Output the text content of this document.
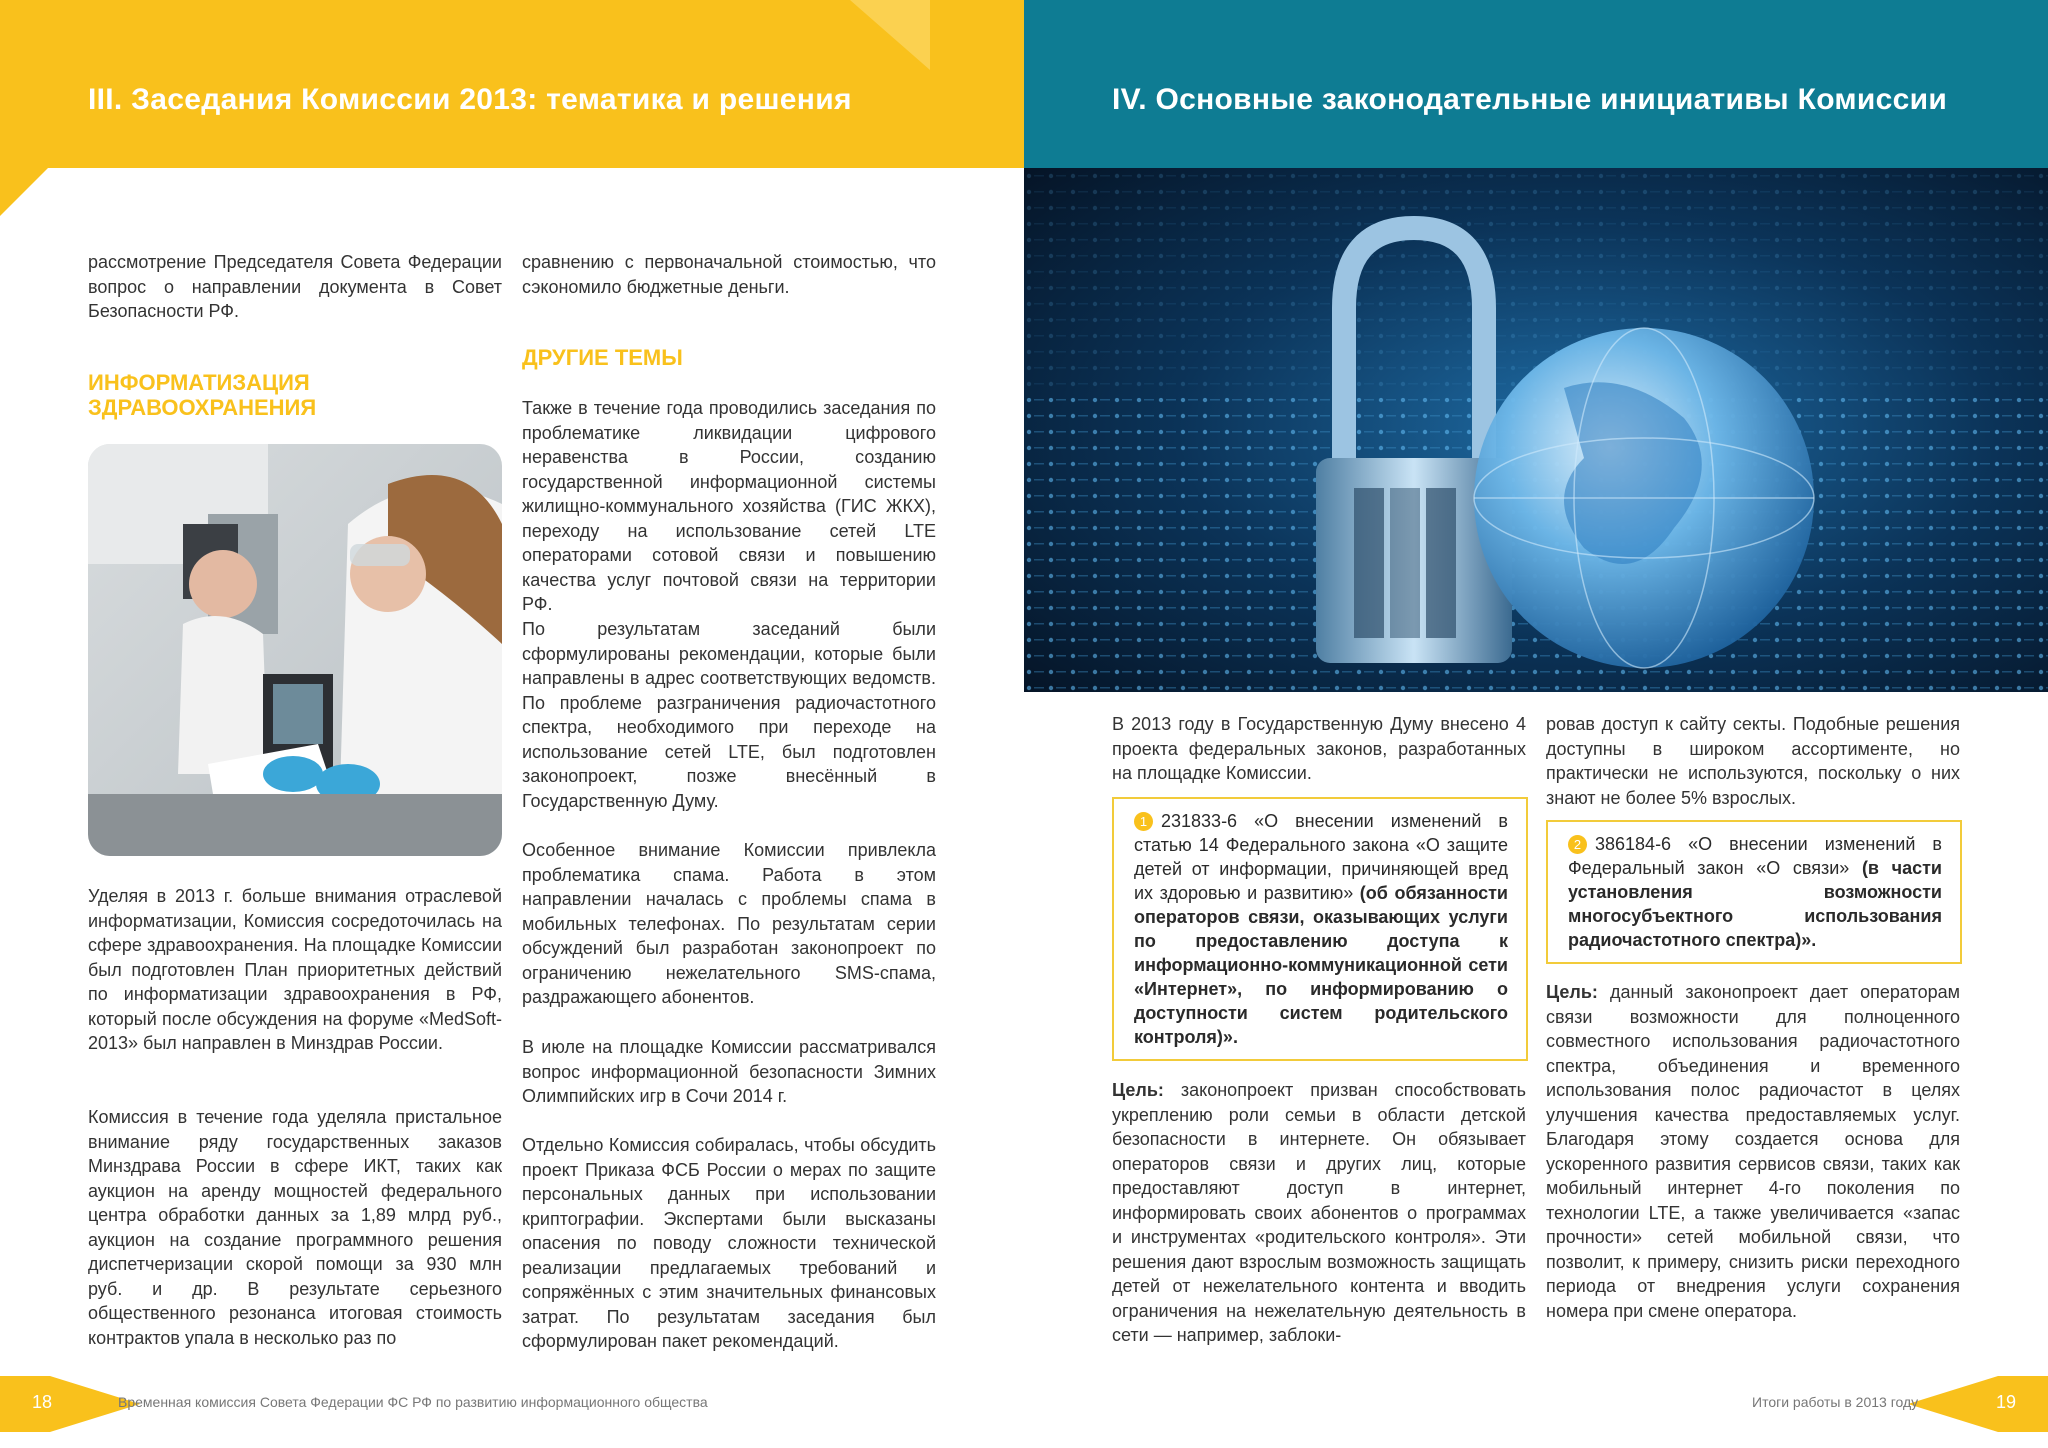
III. Заседания Комиссии 2013: тематика и решения	IV. Основные законодательные инициативы Комиссии
рассмотрение Председателя Совета Федерации вопрос о направлении документа в Совет Безопасности РФ.
ИНФОРМАТИЗАЦИЯ ЗДРАВООХРАНЕНИЯ
Уделяя в 2013 г. больше внимания отраслевой информатизации, Комиссия сосредоточилась на сфере здравоохранения. На площадке Комиссии был подготовлен План приоритетных действий по информатизации здравоохранения в РФ, который после обсуждения на форуме «MedSoft-2013» был направлен в Минздрав России.
Комиссия в течение года уделяла пристальное внимание ряду государственных заказов Минздрава России в сфере ИКТ, таких как аукцион на аренду мощностей федерального центра обработки данных за 1,89 млрд руб., аукцион на создание программного решения диспетчеризации скорой помощи за 930 млн руб. и др. В результате серьезного общественного резонанса итоговая стоимость контрактов упала в несколько раз по
сравнению с первоначальной стоимостью, что сэкономило бюджетные деньги.
ДРУГИЕ ТЕМЫ
Также в течение года проводились заседания по проблематике ликвидации цифрового неравенства в России, созданию государственной информационной системы жилищно-коммунального хозяйства (ГИС ЖКХ), переходу на использование сетей LTE операторами сотовой связи и повышению качества услуг почтовой связи на территории РФ.
По результатам заседаний были сформулированы рекомендации, которые были направлены в адрес соответствующих ведомств. По проблеме разграничения радиочастотного спектра, необходимого при переходе на использование сетей LTE, был подготовлен законопроект, позже внесённый в Государственную Думу.
Особенное внимание Комиссии привлекла проблематика спама. Работа в этом направлении началась с проблемы спама в мобильных телефонах. По результатам серии обсуждений был разработан законопроект по ограничению нежелательного SMS-спама, раздражающего абонентов.
В июле на площадке Комиссии рассматривался вопрос информационной безопасности Зимних Олимпийских игр в Сочи 2014 г.
Отдельно Комиссия собиралась, чтобы обсудить проект Приказа ФСБ России о мерах по защите персональных данных при использовании криптографии. Экспертами были высказаны опасения по поводу сложности технической реализации предлагаемых требований и сопряжённых с этим значительных финансовых затрат. По результатам заседания был сформулирован пакет рекомендаций.
В 2013 году в Государственную Думу внесено 4 проекта федеральных законов, разработанных на площадке Комиссии.
1 231833-6 «О внесении изменений в статью 14 Федерального закона «О защите детей от информации, причиняющей вред их здоровью и развитию» (об обязанности операторов связи, оказывающих услуги по предоставлению доступа к информационно-коммуникационной сети «Интернет», по информированию о доступности систем родительского контроля)».
Цель: законопроект призван способствовать укреплению роли семьи в области детской безопасности в интернете. Он обязывает операторов связи и других лиц, которые предоставляют доступ в интернет, информировать своих абонентов о программах и инструментах «родительского контроля». Эти решения дают взрослым возможность защищать детей от нежелательного контента и вводить ограничения на нежелательную деятельность в сети — например, заблоки-
ровав доступ к сайту секты. Подобные решения доступны в широком ассортименте, но практически не используются, поскольку о них знают не более 5% взрослых.
2 386184-6 «О внесении изменений в Федеральный закон «О связи» (в части установления возможности многосубъектного использования радиочастотного спектра)».
Цель: данный законопроект дает операторам связи возможности для полноценного совместного использования радиочастотного спектра, объединения и временного использования полос радиочастот в целях улучшения качества предоставляемых услуг. Благодаря этому создается основа для ускоренного развития сервисов связи, таких как мобильный интернет 4-го поколения по технологии LTE, а также увеличивается «запас прочности» сетей мобильной связи, что позволит, к примеру, снизить риски переходного периода от внедрения услуги сохранения номера при смене оператора.
18	Временная комиссия Совета Федерации ФС РФ по развитию информационного общества	19
Итоги работы в 2013 году
